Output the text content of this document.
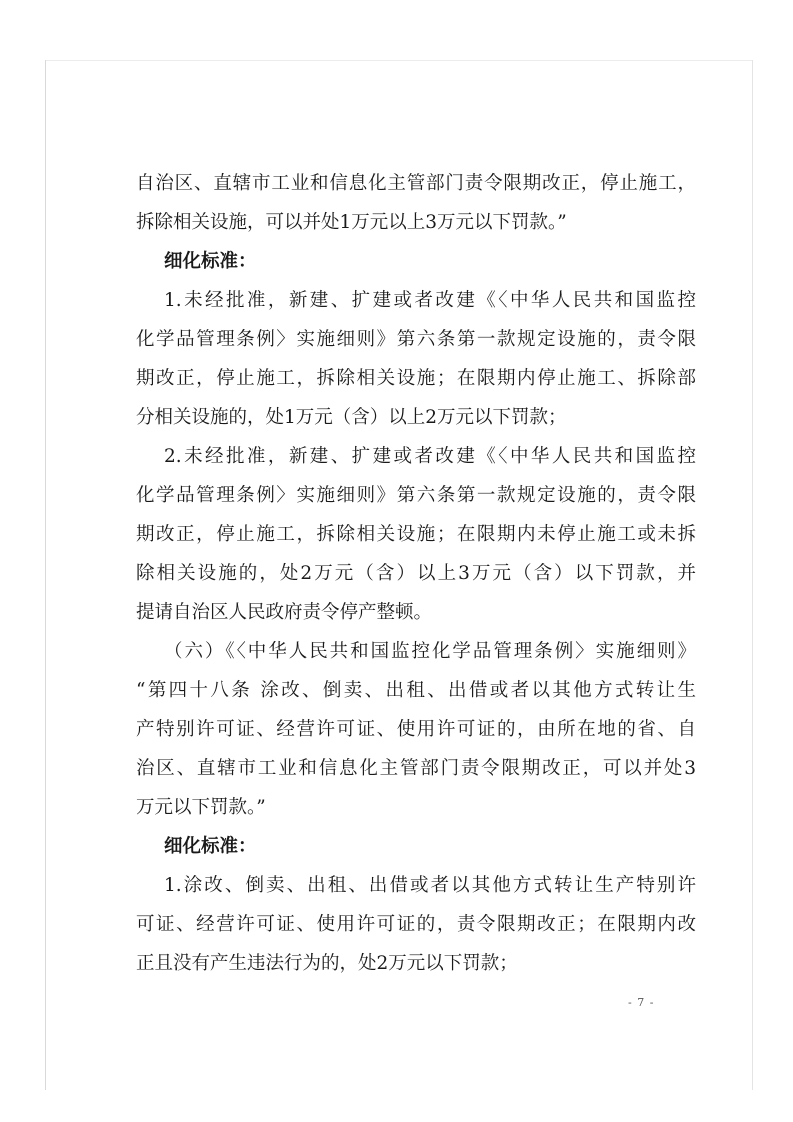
自治区、直辖市工业和信息化主管部门责令限期改正，停止施工，
拆除相关设施，可以并处1万元以上3万元以下罚款。”
细化标准：
1.未经批准，新建、扩建或者改建《〈中华人民共和国监控
化学品管理条例〉实施细则》第六条第一款规定设施的，责令限
期改正，停止施工，拆除相关设施；在限期内停止施工、拆除部
分相关设施的，处1万元（含）以上2万元以下罚款；
2.未经批准，新建、扩建或者改建《〈中华人民共和国监控
化学品管理条例〉实施细则》第六条第一款规定设施的，责令限
期改正，停止施工，拆除相关设施；在限期内未停止施工或未拆
除相关设施的，处2万元（含）以上3万元（含）以下罚款，并
提请自治区人民政府责令停产整顿。
（六）《〈中华人民共和国监控化学品管理条例〉实施细则》
“第四十八条 涂改、倒卖、出租、出借或者以其他方式转让生
产特别许可证、经营许可证、使用许可证的，由所在地的省、自
治区、直辖市工业和信息化主管部门责令限期改正，可以并处3
万元以下罚款。”
细化标准：
1.涂改、倒卖、出租、出借或者以其他方式转让生产特别许
可证、经营许可证、使用许可证的，责令限期改正；在限期内改
正且没有产生违法行为的，处2万元以下罚款；
- 7 -
